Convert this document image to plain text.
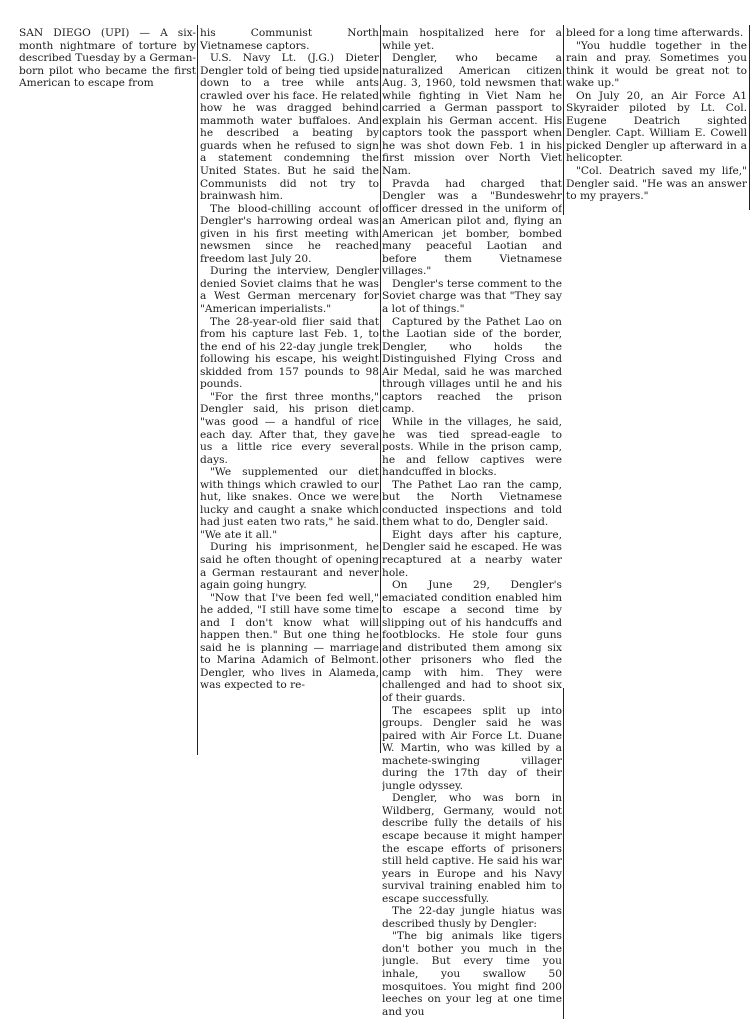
SAN DIEGO (UPI) — A six-month nightmare of torture by described Tuesday by a German-born pilot who became the first American to escape from

his Communist North Vietnamese captors.

U.S. Navy Lt. (J.G.) Dieter Dengler told of being tied upside down to a tree while ants crawled over his face. He related how he was dragged behind mammoth water buffaloes. And he described a beating by guards when he refused to sign a statement condemning the United States. But he said the Communists did not try to brainwash him.

The blood-chilling account of Dengler's harrowing ordeal was given in his first meeting with newsmen since he reached freedom last July 20.

During the interview, Dengler denied Soviet claims that he was a West German mercenary for "American imperialists."

The 28-year-old flier said that from his capture last Feb. 1, to the end of his 22-day jungle trek following his escape, his weight skidded from 157 pounds to 98 pounds.

"For the first three months," Dengler said, his prison diet "was good — a handful of rice each day. After that, they gave us a little rice every several days.

"We supplemented our diet with things which crawled to our hut, like snakes. Once we were lucky and caught a snake which had just eaten two rats," he said. "We ate it all."

During his imprisonment, he said he often thought of opening a German restaurant and never again going hungry.

"Now that I've been fed well," he added, "I still have some time and I don't know what will happen then." But one thing he said he is planning — marriage to Marina Adamich of Belmont. Dengler, who lives in Alameda, was expected to re-

main hospitalized here for a while yet.

Dengler, who became a naturalized American citizen Aug. 3, 1960, told newsmen that while fighting in Viet Nam he carried a German passport to explain his German accent. His captors took the passport when he was shot down Feb. 1 in his first mission over North Viet Nam.

Pravda had charged that Dengler was a "Bundeswehr officer dressed in the uniform of an American pilot and, flying an American jet bomber, bombed many peaceful Laotian and before them Vietnamese villages."

Dengler's terse comment to the Soviet charge was that "They say a lot of things."

Captured by the Pathet Lao on the Laotian side of the border, Dengler, who holds the Distinguished Flying Cross and Air Medal, said he was marched through villages until he and his captors reached the prison camp.

While in the villages, he said, he was tied spread-eagle to posts. While in the prison camp, he and fellow captives were handcuffed in blocks.

The Pathet Lao ran the camp, but the North Vietnamese conducted inspections and told them what to do, Dengler said.

Eight days after his capture, Dengler said he escaped. He was recaptured at a nearby water hole.

On June 29, Dengler's emaciated condition enabled him to escape a second time by slipping out of his handcuffs and footblocks. He stole four guns and distributed them among six other prisoners who fled the camp with him. They were challenged and had to shoot six of their guards.

The escapees split up into groups. Dengler said he was paired with Air Force Lt. Duane W. Martin, who was killed by a machete-swinging villager during the 17th day of their jungle odyssey.

Dengler, who was born in Wildberg, Germany, would not describe fully the details of his escape because it might hamper the escape efforts of prisoners still held captive. He said his war years in Europe and his Navy survival training enabled him to escape successfully.

The 22-day jungle hiatus was described thusly by Dengler:

"The big animals like tigers don't bother you much in the jungle. But every time you inhale, you swallow 50 mosquitoes. You might find 200 leeches on your leg at one time and you

bleed for a long time afterwards.

"You huddle together in the rain and pray. Sometimes you think it would be great not to wake up."

On July 20, an Air Force A1 Skyraider piloted by Lt. Col. Eugene Deatrich sighted Dengler. Capt. William E. Cowell picked Dengler up afterward in a helicopter.

"Col. Deatrich saved my life," Dengler said. "He was an answer to my prayers."
